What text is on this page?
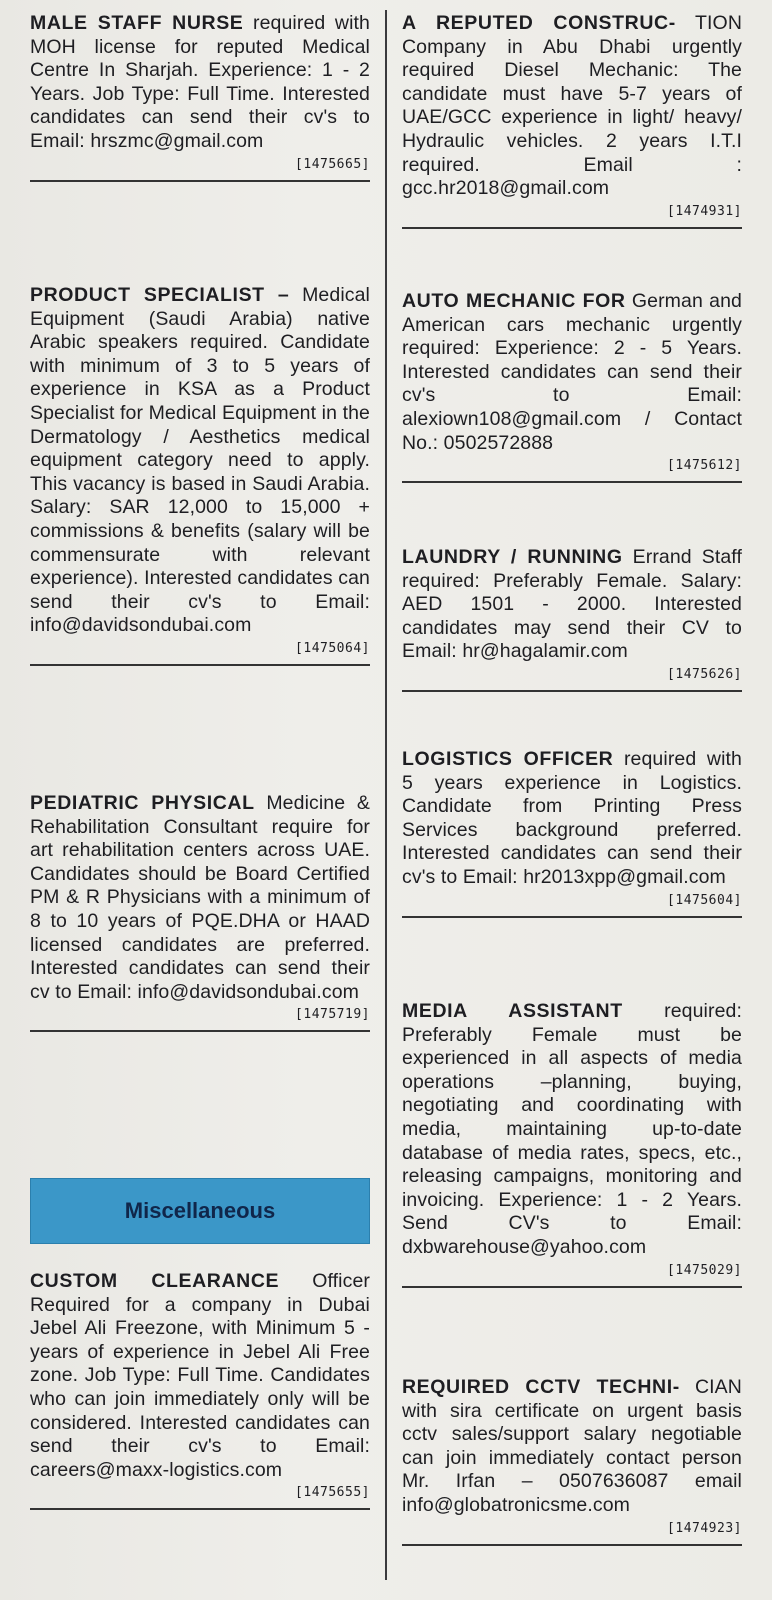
MALE STAFF NURSE required with MOH license for reputed Medical Centre In Sharjah. Experience: 1 - 2 Years. Job Type: Full Time. Interested candidates can send their cv's to Email: hrszmc@gmail.com
[1475665]
PRODUCT SPECIALIST – Medical Equipment (Saudi Arabia) native Arabic speakers required. Candidate with minimum of 3 to 5 years of experience in KSA as a Product Specialist for Medical Equipment in the Dermatology / Aesthetics medical equipment category need to apply. This vacancy is based in Saudi Arabia. Salary: SAR 12,000 to 15,000 + commissions & benefits (salary will be commensurate with relevant experience). Interested candidates can send their cv's to Email: info@davidsondubai.com
[1475064]
PEDIATRIC PHYSICAL Medicine & Rehabilitation Consultant require for art rehabilitation centers across UAE. Candidates should be Board Certified PM & R Physicians with a minimum of 8 to 10 years of PQE.DHA or HAAD licensed candidates are preferred. Interested candidates can send their cv to Email: info@davidsondubai.com
[1475719]
Miscellaneous
CUSTOM CLEARANCE Officer Required for a company in Dubai Jebel Ali Freezone, with Minimum 5 - years of experience in Jebel Ali Free zone. Job Type: Full Time. Candidates who can join immediately only will be considered. Interested candidates can send their cv's to Email: careers@maxx-logistics.com
[1475655]
A REPUTED CONSTRUC- TION Company in Abu Dhabi urgently required Diesel Mechanic: The candidate must have 5-7 years of UAE/GCC experience in light/ heavy/ Hydraulic vehicles. 2 years I.T.I required. Email : gcc.hr2018@gmail.com
[1474931]
AUTO MECHANIC FOR German and American cars mechanic urgently required: Experience: 2 - 5 Years. Interested candidates can send their cv's to Email: alexiown108@gmail.com / Contact No.: 0502572888
[1475612]
LAUNDRY / RUNNING Errand Staff required: Preferably Female. Salary: AED 1501 - 2000. Interested candidates may send their CV to Email: hr@hagalamir.com
[1475626]
LOGISTICS OFFICER required with 5 years experience in Logistics. Candidate from Printing Press Services background preferred. Interested candidates can send their cv's to Email: hr2013xpp@gmail.com
[1475604]
MEDIA ASSISTANT required: Preferably Female must be experienced in all aspects of media operations –planning, buying, negotiating and coordinating with media, maintaining up-to-date database of media rates, specs, etc., releasing campaigns, monitoring and invoicing. Experience: 1 - 2 Years. Send CV's to Email: dxbwarehouse@yahoo.com
[1475029]
REQUIRED CCTV TECHNI- CIAN with sira certificate on urgent basis cctv sales/support salary negotiable can join immediately contact person Mr. Irfan – 0507636087 email info@globatronicsme.com
[1474923]
